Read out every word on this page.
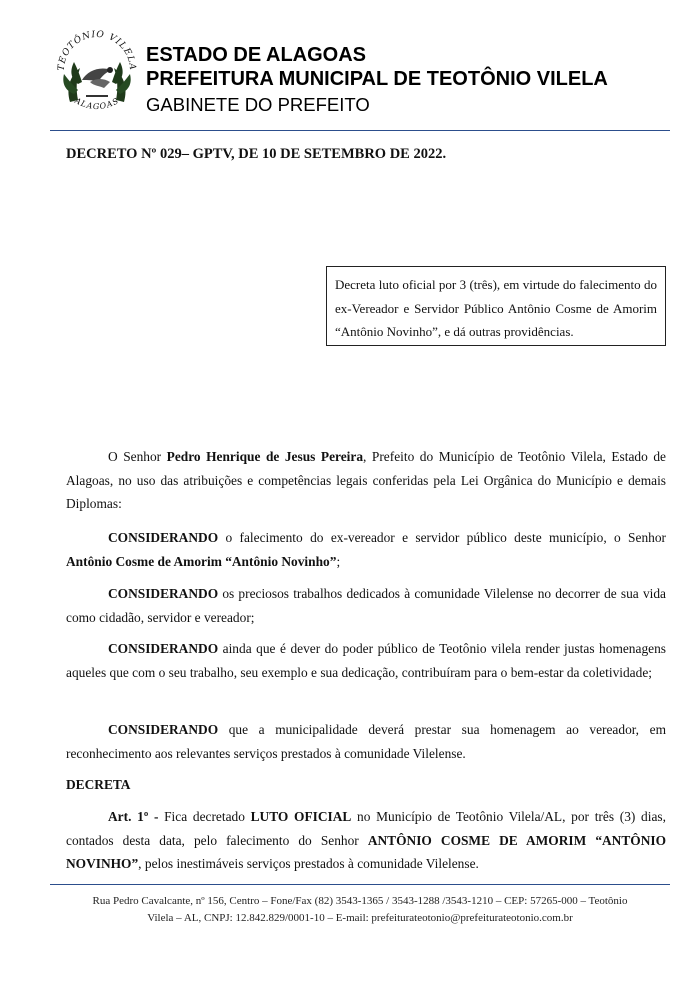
TEOTÔNIO VILELA
ALAGOAS
ESTADO DE ALAGOAS
PREFEITURA MUNICIPAL DE TEOTÔNIO VILELA
GABINETE DO PREFEITO
DECRETO Nº 029– GPTV, DE 10 DE SETEMBRO DE 2022.
Decreta luto oficial por 3 (três), em virtude do falecimento do ex-Vereador e Servidor Público Antônio Cosme de Amorim “Antônio Novinho”, e dá outras providências.

O Senhor Pedro Henrique de Jesus Pereira, Prefeito do Município de Teotônio Vilela, Estado de Alagoas, no uso das atribuições e competências legais conferidas pela Lei Orgânica do Município e demais Diplomas:

CONSIDERANDO o falecimento do ex-vereador e servidor público deste município, o Senhor Antônio Cosme de Amorim “Antônio Novinho”;

CONSIDERANDO os preciosos trabalhos dedicados à comunidade Vilelense no decorrer de sua vida como cidadão, servidor e vereador;

CONSIDERANDO ainda que é dever do poder público de Teotônio vilela render justas homenagens aqueles que com o seu trabalho, seu exemplo e sua dedicação, contribuíram para o bem-estar da coletividade;

CONSIDERANDO que a municipalidade deverá prestar sua homenagem ao vereador, em reconhecimento aos relevantes serviços prestados à comunidade Vilelense.

DECRETA

Art. 1º - Fica decretado LUTO OFICIAL no Município de Teotônio Vilela/AL, por três (3) dias, contados desta data, pelo falecimento do Senhor ANTÔNIO COSME DE AMORIM “ANTÔNIO NOVINHO”, pelos inestimáveis serviços prestados à comunidade Vilelense.

Rua Pedro Cavalcante, nº 156, Centro – Fone/Fax (82) 3543-1365 / 3543-1288 /3543-1210 – CEP: 57265-000 – Teotônio
Vilela – AL, CNPJ: 12.842.829/0001-10 – E-mail: prefeiturateotonio@prefeiturateotonio.com.br
